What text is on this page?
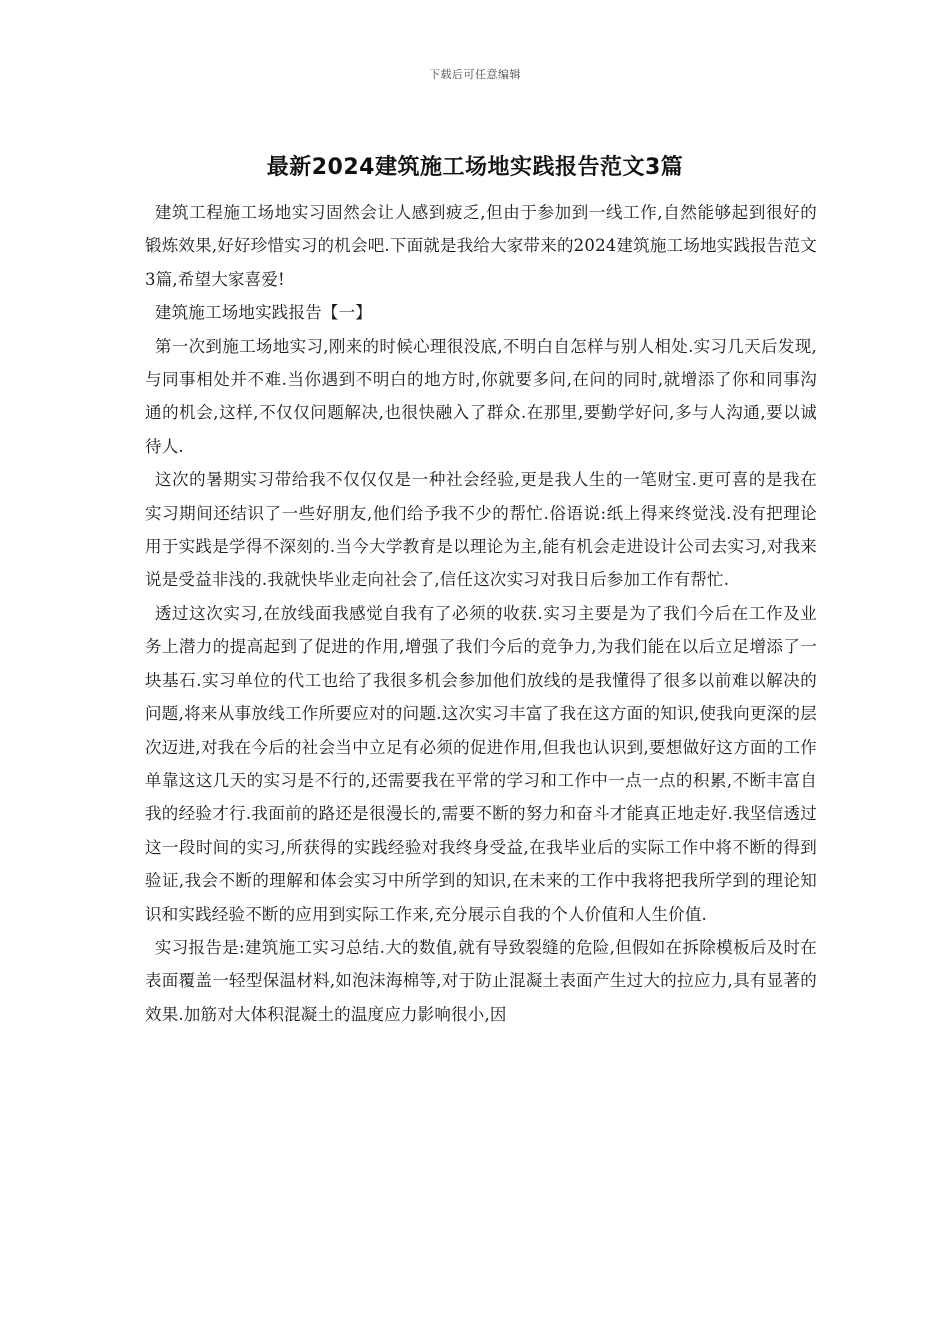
下载后可任意编辑
最新2024建筑施工场地实践报告范文3篇

建筑工程施工场地实习固然会让人感到疲乏,但由于参加到一线工作,自然能够起到很好的锻炼效果,好好珍惜实习的机会吧.下面就是我给大家带来的2024建筑施工场地实践报告范文3篇,希望大家喜爱!

建筑施工场地实践报告【一】

第一次到施工场地实习,刚来的时候心理很没底,不明白自怎样与别人相处.实习几天后发现,与同事相处并不难.当你遇到不明白的地方时,你就要多问,在问的同时,就增添了你和同事沟通的机会,这样,不仅仅问题解决,也很快融入了群众.在那里,要勤学好问,多与人沟通,要以诚待人.

这次的暑期实习带给我不仅仅仅是一种社会经验,更是我人生的一笔财宝.更可喜的是我在实习期间还结识了一些好朋友,他们给予我不少的帮忙.俗语说:纸上得来终觉浅.没有把理论用于实践是学得不深刻的.当今大学教育是以理论为主,能有机会走进设计公司去实习,对我来说是受益非浅的.我就快毕业走向社会了,信任这次实习对我日后参加工作有帮忙.

透过这次实习,在放线面我感觉自我有了必须的收获.实习主要是为了我们今后在工作及业务上潜力的提高起到了促进的作用,增强了我们今后的竞争力,为我们能在以后立足增添了一块基石.实习单位的代工也给了我很多机会参加他们放线的是我懂得了很多以前难以解决的问题,将来从事放线工作所要应对的问题.这次实习丰富了我在这方面的知识,使我向更深的层次迈进,对我在今后的社会当中立足有必须的促进作用,但我也认识到,要想做好这方面的工作单靠这这几天的实习是不行的,还需要我在平常的学习和工作中一点一点的积累,不断丰富自我的经验才行.我面前的路还是很漫长的,需要不断的努力和奋斗才能真正地走好.我坚信透过这一段时间的实习,所获得的实践经验对我终身受益,在我毕业后的实际工作中将不断的得到验证,我会不断的理解和体会实习中所学到的知识,在未来的工作中我将把我所学到的理论知识和实践经验不断的应用到实际工作来,充分展示自我的个人价值和人生价值.

实习报告是:建筑施工实习总结.大的数值,就有导致裂缝的危险,但假如在拆除模板后及时在表面覆盖一轻型保温材料,如泡沫海棉等,对于防止混凝土表面产生过大的拉应力,具有显著的效果.加筋对大体积混凝土的温度应力影响很小,因
